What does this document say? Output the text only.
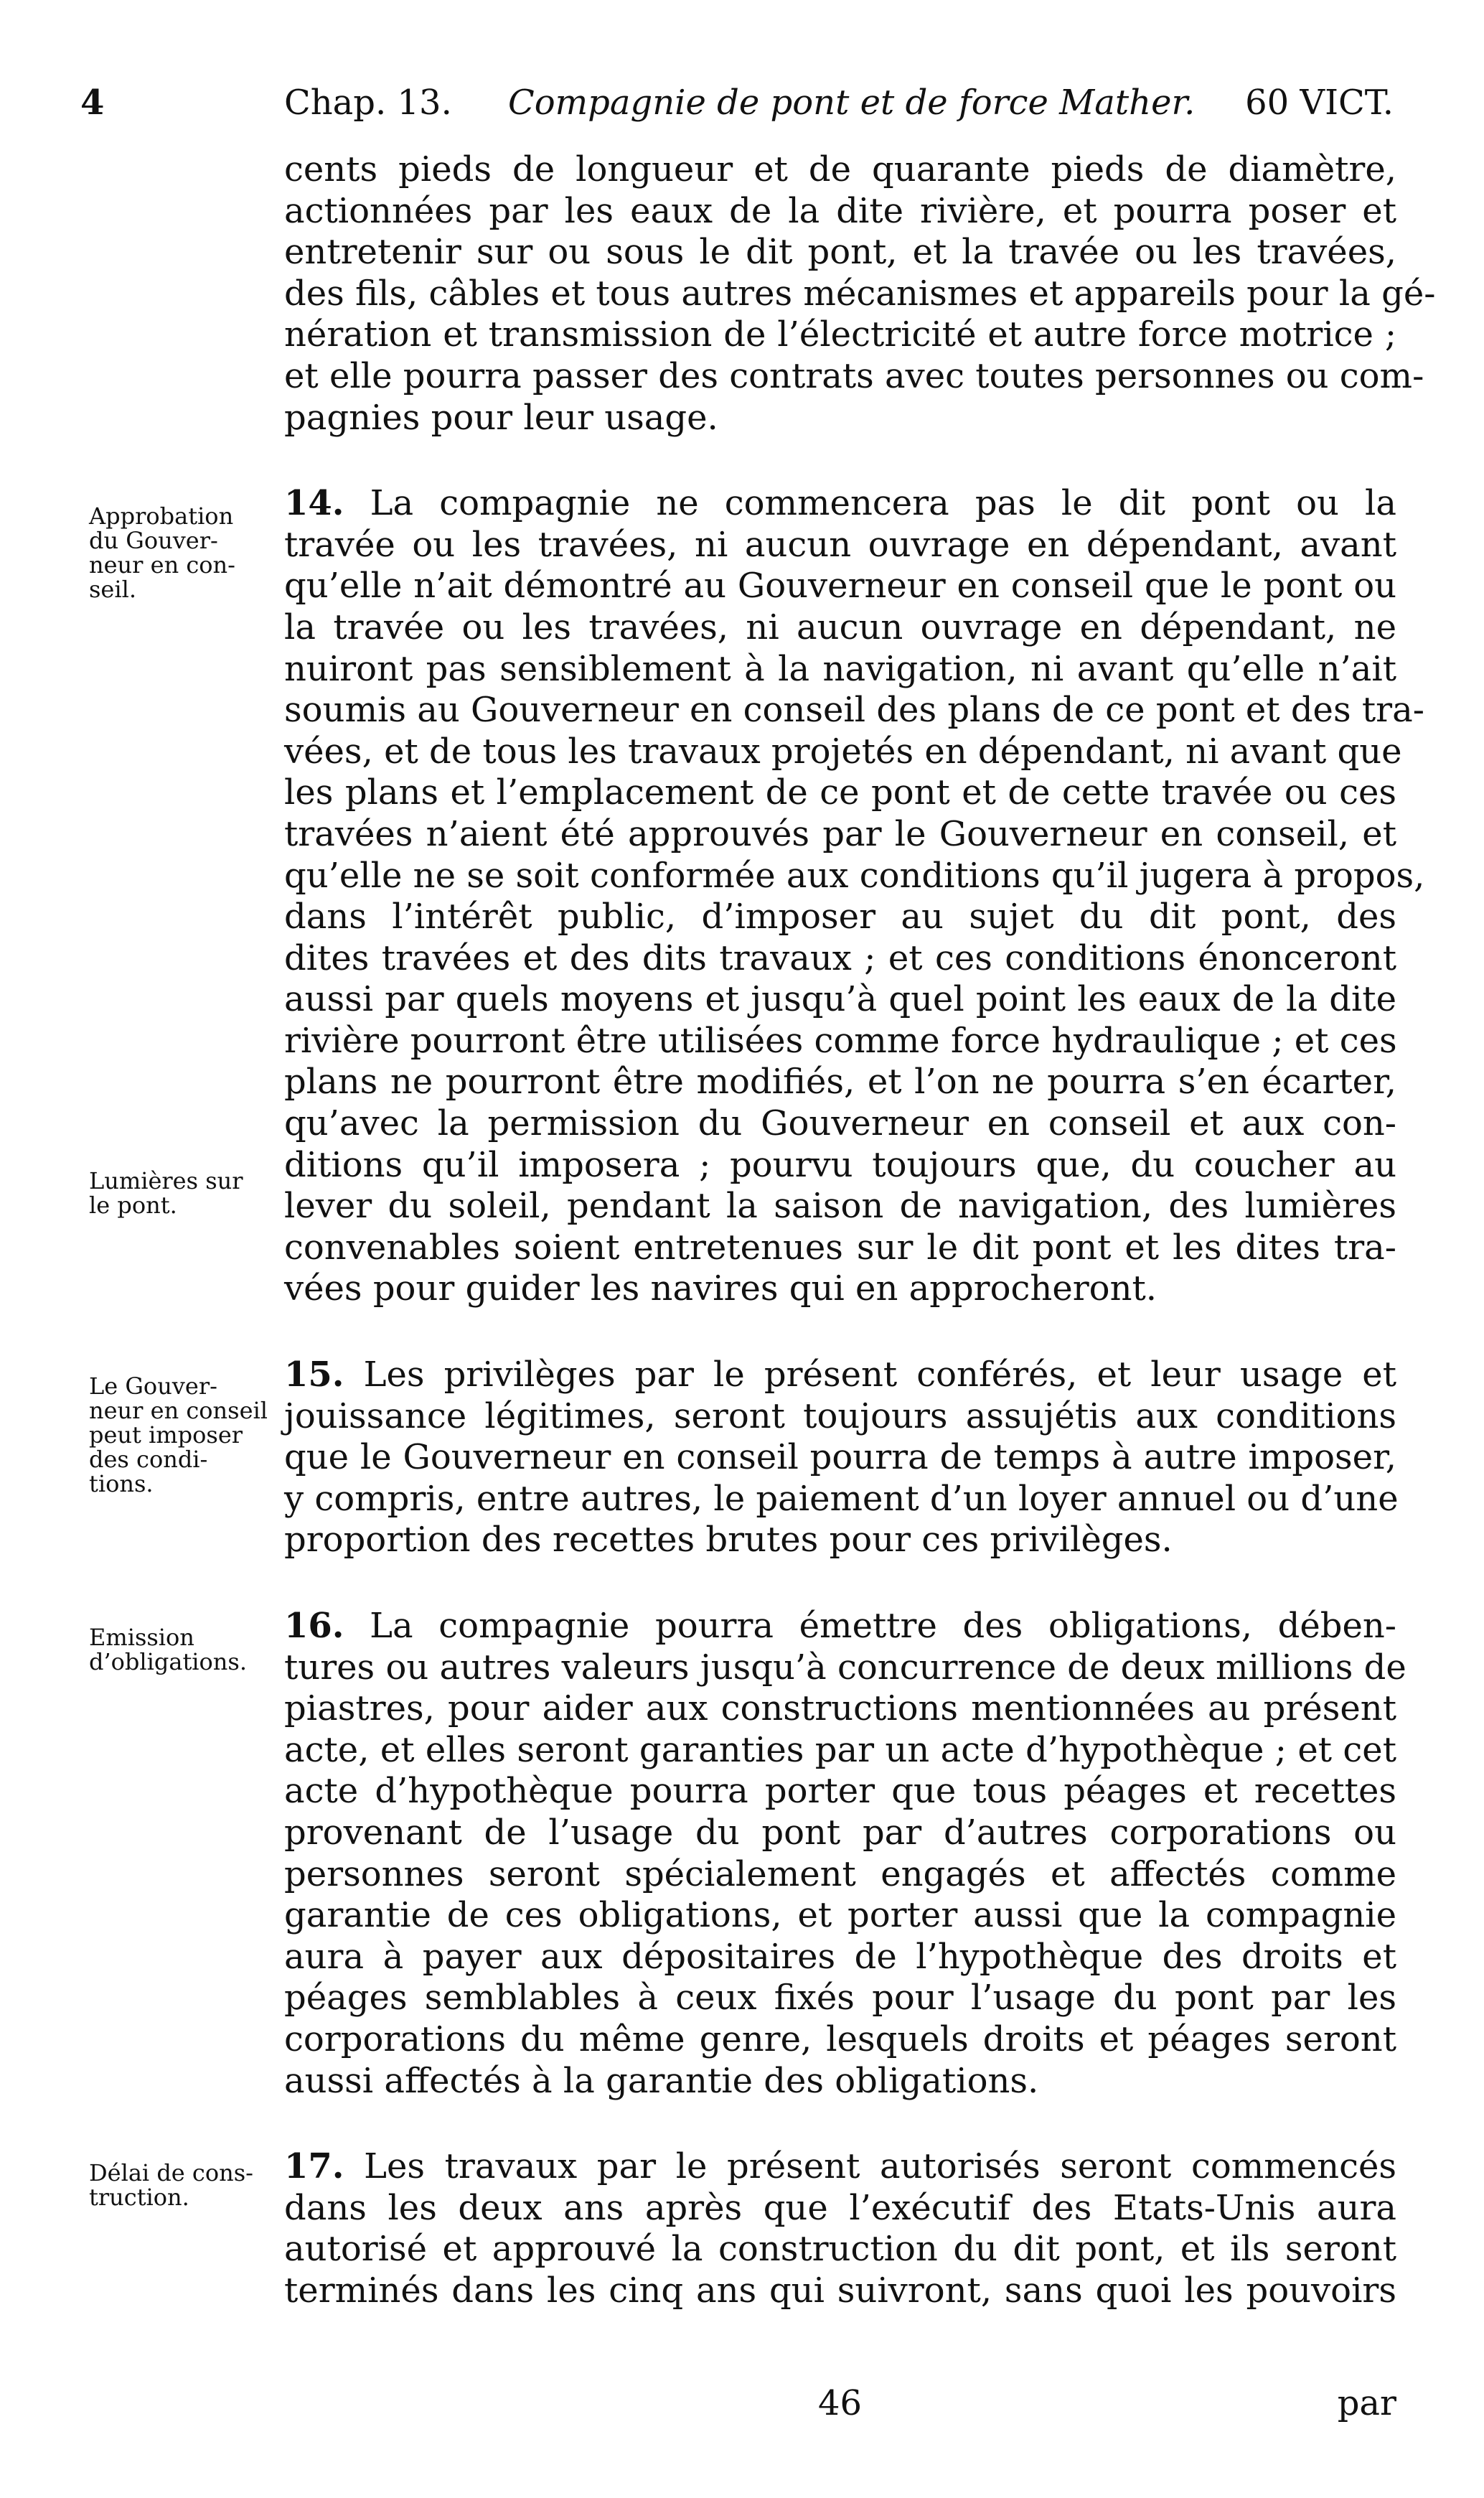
4	Chap. 13. Compagnie de pont et de force Mather. 60 VICT.
Approbation
du Gouver-
neur en con-
seil.
Lumières sur
le pont.
Le Gouver-
neur en conseil
peut imposer
des condi-
tions.
Emission
d’obligations.
Délai de cons-
truction.
cents pieds de longueur et de quarante pieds de diamètre,
actionnées par les eaux de la dite rivière, et pourra poser et
entretenir sur ou sous le dit pont, et la travée ou les travées,
des fils, câbles et tous autres mécanismes et appareils pour la gé-
nération et transmission de l’électricité et autre force motrice ;
et elle pourra passer des contrats avec toutes personnes ou com-
pagnies pour leur usage.
14. La compagnie ne commencera pas le dit pont ou la
travée ou les travées, ni aucun ouvrage en dépendant, avant
qu’elle n’ait démontré au Gouverneur en conseil que le pont ou
la travée ou les travées, ni aucun ouvrage en dépendant, ne
nuiront pas sensiblement à la navigation, ni avant qu’elle n’ait
soumis au Gouverneur en conseil des plans de ce pont et des tra-
vées, et de tous les travaux projetés en dépendant, ni avant que
les plans et l’emplacement de ce pont et de cette travée ou ces
travées n’aient été approuvés par le Gouverneur en conseil, et
qu’elle ne se soit conformée aux conditions qu’il jugera à propos,
dans l’intérêt public, d’imposer au sujet du dit pont, des
dites travées et des dits travaux ; et ces conditions énonceront
aussi par quels moyens et jusqu’à quel point les eaux de la dite
rivière pourront être utilisées comme force hydraulique ; et ces
plans ne pourront être modifiés, et l’on ne pourra s’en écarter,
qu’avec la permission du Gouverneur en conseil et aux con-
ditions qu’il imposera ; pourvu toujours que, du coucher au
lever du soleil, pendant la saison de navigation, des lumières
convenables soient entretenues sur le dit pont et les dites tra-
vées pour guider les navires qui en approcheront.
15. Les privilèges par le présent conférés, et leur usage et
jouissance légitimes, seront toujours assujétis aux conditions
que le Gouverneur en conseil pourra de temps à autre imposer,
y compris, entre autres, le paiement d’un loyer annuel ou d’une
proportion des recettes brutes pour ces privilèges.
16. La compagnie pourra émettre des obligations, dében-
tures ou autres valeurs jusqu’à concurrence de deux millions de
piastres, pour aider aux constructions mentionnées au présent
acte, et elles seront garanties par un acte d’hypothèque ; et cet
acte d’hypothèque pourra porter que tous péages et recettes
provenant de l’usage du pont par d’autres corporations ou
personnes seront spécialement engagés et affectés comme
garantie de ces obligations, et porter aussi que la compagnie
aura à payer aux dépositaires de l’hypothèque des droits et
péages semblables à ceux fixés pour l’usage du pont par les
corporations du même genre, lesquels droits et péages seront
aussi affectés à la garantie des obligations.
17. Les travaux par le présent autorisés seront commencés
dans les deux ans après que l’exécutif des Etats-Unis aura
autorisé et approuvé la construction du dit pont, et ils seront
terminés dans les cinq ans qui suivront, sans quoi les pouvoirs
46	par
